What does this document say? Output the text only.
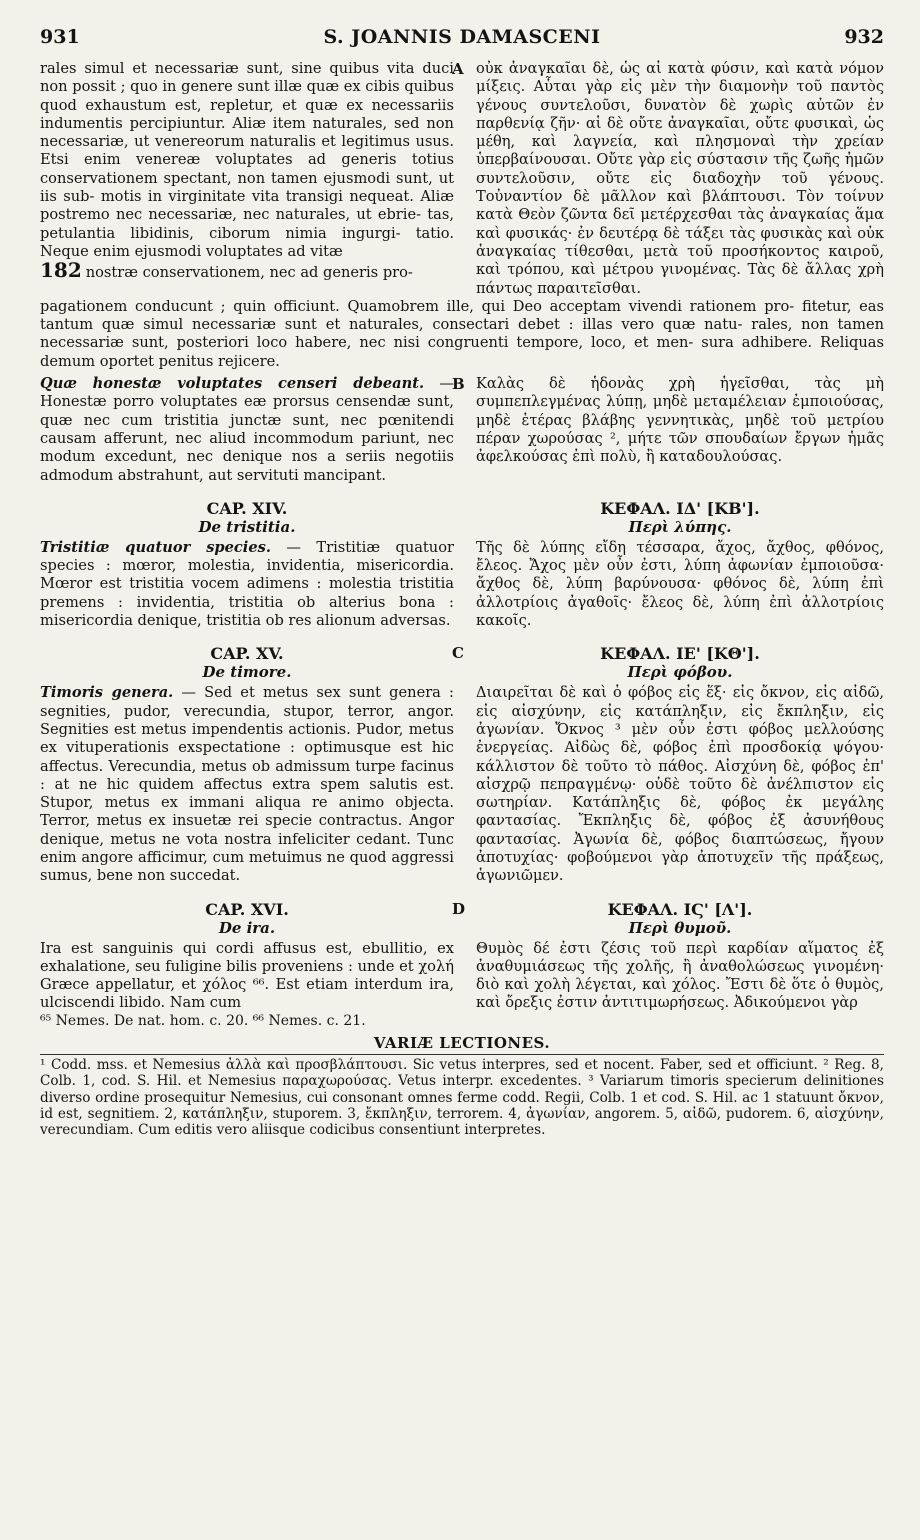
931	S. JOANNIS DAMASCENI	932
A

rales simul et necessariæ sunt, sine quibus vita duci non possit ; quo in genere sunt illæ quæ ex cibis quibus quod exhaustum est, repletur, et quæ ex necessariis indumentis percipiuntur. Aliæ item naturales, sed non necessariæ, ut venereorum naturalis et legitimus usus. Etsi enim venereæ voluptates ad generis totius conservationem spectant, non tamen ejusmodi sunt, ut iis sub- motis in virginitate vita transigi nequeat. Aliæ postremo nec necessariæ, nec naturales, ut ebrie- tas, petulantia libidinis, ciborum nimia ingurgi- tatio. Neque enim ejusmodi voluptates ad vitæ

182 nostræ conservationem, nec ad generis pro-

οὐκ ἀναγκαῖαι δὲ, ὡς αἱ κατὰ φύσιν, καὶ κατὰ νόμον μίξεις. Αὗται γὰρ εἰς μὲν τὴν διαμονὴν τοῦ παντὸς γένους συντελοῦσι, δυνατὸν δὲ χωρὶς αὐτῶν ἐν παρθενίᾳ ζῆν· αἱ δὲ οὔτε ἀναγκαῖαι, οὔτε φυσικαὶ, ὡς μέθη, καὶ λαγνεία, καὶ πλησμοναὶ τὴν χρείαν ὑπερβαίνουσαι. Οὔτε γὰρ εἰς σύστασιν τῆς ζωῆς ἡμῶν συντελοῦσιν, οὔτε εἰς διαδοχὴν τοῦ γένους. Τοὐναντίον δὲ μᾶλλον καὶ βλάπτουσι. Τὸν τοίνυν κατὰ Θεὸν ζῶντα δεῖ μετέρχεσθαι τὰς ἀναγκαίας ἅμα καὶ φυσικάς· ἐν δευτέρᾳ δὲ τάξει τὰς φυσικὰς καὶ οὐκ ἀναγκαίας τίθεσθαι, μετὰ τοῦ προσήκοντος καιροῦ, καὶ τρόπου, καὶ μέτρου γινομένας. Τὰς δὲ ἄλλας χρὴ πάντως παραιτεῖσθαι.

pagationem conducunt ; quin officiunt. Quamobrem ille, qui Deo acceptam vivendi rationem pro- fitetur, eas tantum quæ simul necessariæ sunt et naturales, consectari debet : illas vero quæ natu- rales, non tamen necessariæ sunt, posteriori loco habere, nec nisi congruenti tempore, loco, et men- sura adhibere. Reliquas demum oportet penitus rejicere.

B

Quæ honestæ voluptates censeri debeant. — Honestæ porro voluptates eæ prorsus censendæ sunt, quæ nec cum tristitia junctæ sunt, nec pœnitendi causam afferunt, nec aliud incommodum pariunt, nec modum excedunt, nec denique nos a seriis negotiis admodum abstrahunt, aut servituti mancipant.

Καλὰς δὲ ἡδονὰς χρὴ ἡγεῖσθαι, τὰς μὴ συμπεπλεγμένας λύπῃ, μηδὲ μεταμέλειαν ἐμποιούσας, μηδὲ ἑτέρας βλάβης γεννητικὰς, μηδὲ τοῦ μετρίου πέραν χωρούσας ², μήτε τῶν σπουδαίων ἔργων ἡμᾶς ἀφελκούσας ἐπὶ πολὺ, ἢ καταδουλούσας.

CAP. XIV.
De tristitia.

Tristitiæ quatuor species. — Tristitiæ quatuor species : mœror, molestia, invidentia, misericordia. Mœror est tristitia vocem adimens : molestia tristitia premens : invidentia, tristitia ob alterius bona : misericordia denique, tristitia ob res alionum adversas.

ΚΕΦΑΛ. ΙΔ' [ΚΒ'].
Περὶ λύπης.

Τῆς δὲ λύπης εἴδη τέσσαρα, ἄχος, ἄχθος, φθόνος, ἔλεος. Ἄχος μὲν οὖν ἐστι, λύπη ἀφωνίαν ἐμποιοῦσα· ἄχθος δὲ, λύπη βαρύνουσα· φθόνος δὲ, λύπη ἐπὶ ἀλλοτρίοις ἀγαθοῖς· ἔλεος δὲ, λύπη ἐπὶ ἀλλοτρίοις κακοῖς.

C
CAP. XV.
De timore.

Timoris genera. — Sed et metus sex sunt genera : segnities, pudor, verecundia, stupor, terror, angor. Segnities est metus impendentis actionis. Pudor, metus ex vituperationis exspectatione : optimusque est hic affectus. Verecundia, metus ob admissum turpe facinus : at ne hic quidem affectus extra spem salutis est. Stupor, metus ex immani aliqua re animo objecta. Terror, metus ex insuetæ rei specie contractus. Angor denique, metus ne vota nostra infeliciter cedant. Tunc enim angore afficimur, cum metuimus ne quod aggressi sumus, bene non succedat.

ΚΕΦΑΛ. ΙΕ' [ΚΘ'].
Περὶ φόβου.

Διαιρεῖται δὲ καὶ ὁ φόβος εἰς ἕξ· εἰς ὄκνον, εἰς αἰδῶ, εἰς αἰσχύνην, εἰς κατάπληξιν, εἰς ἔκπληξιν, εἰς ἀγωνίαν. Ὄκνος ³ μὲν οὖν ἐστι φόβος μελλούσης ἐνεργείας. Αἰδὼς δὲ, φόβος ἐπὶ προσδοκίᾳ ψόγου· κάλλιστον δὲ τοῦτο τὸ πάθος. Αἰσχύνη δὲ, φόβος ἐπ' αἰσχρῷ πεπραγμένῳ· οὐδὲ τοῦτο δὲ ἀνέλπιστον εἰς σωτηρίαν. Κατάπληξις δὲ, φόβος ἐκ μεγάλης φαντασίας. Ἔκπληξις δὲ, φόβος ἐξ ἀσυνήθους φαντασίας. Ἀγωνία δὲ, φόβος διαπτώσεως, ἤγουν ἀποτυχίας· φοβούμενοι γὰρ ἀποτυχεῖν τῆς πράξεως, ἀγωνιῶμεν.

D
CAP. XVI.
De ira.

Ira est sanguinis qui cordi affusus est, ebullitio, ex exhalatione, seu fuligine bilis proveniens : unde et χολή Græce appellatur, et χόλος ⁶⁶. Est etiam interdum ira, ulciscendi libido. Nam cum

⁶⁵ Nemes. De nat. hom. c. 20. ⁶⁶ Nemes. c. 21.

ΚΕΦΑΛ. ΙϚ' [Λ'].
Περὶ θυμοῦ.

Θυμὸς δέ ἐστι ζέσις τοῦ περὶ καρδίαν αἵματος ἐξ ἀναθυμιάσεως τῆς χολῆς, ἢ ἀναθολώσεως γινομένη· διὸ καὶ χολὴ λέγεται, καὶ χόλος. Ἔστι δὲ ὅτε ὁ θυμὸς, καὶ ὄρεξις ἐστιν ἀντιτιμωρήσεως. Ἀδικούμενοι γὰρ

VARIÆ LECTIONES.

¹ Codd. mss. et Nemesius ἀλλὰ καὶ προσβλάπτουσι. Sic vetus interpres, sed et nocent. Faber, sed et officiunt. ² Reg. 8, Colb. 1, cod. S. Hil. et Nemesius παραχωρούσας. Vetus interpr. excedentes. ³ Variarum timoris specierum delinitiones diverso ordine prosequitur Nemesius, cui consonant omnes ferme codd. Regii, Colb. 1 et cod. S. Hil. ac 1 statuunt ὄκνον, id est, segnitiem. 2, κατάπληξιν, stuporem. 3, ἔκπληξιν, terrorem. 4, ἀγωνίαν, angorem. 5, αἰδῶ, pudorem. 6, αἰσχύνην, verecundiam. Cum editis vero aliisque codicibus consentiunt interpretes.
